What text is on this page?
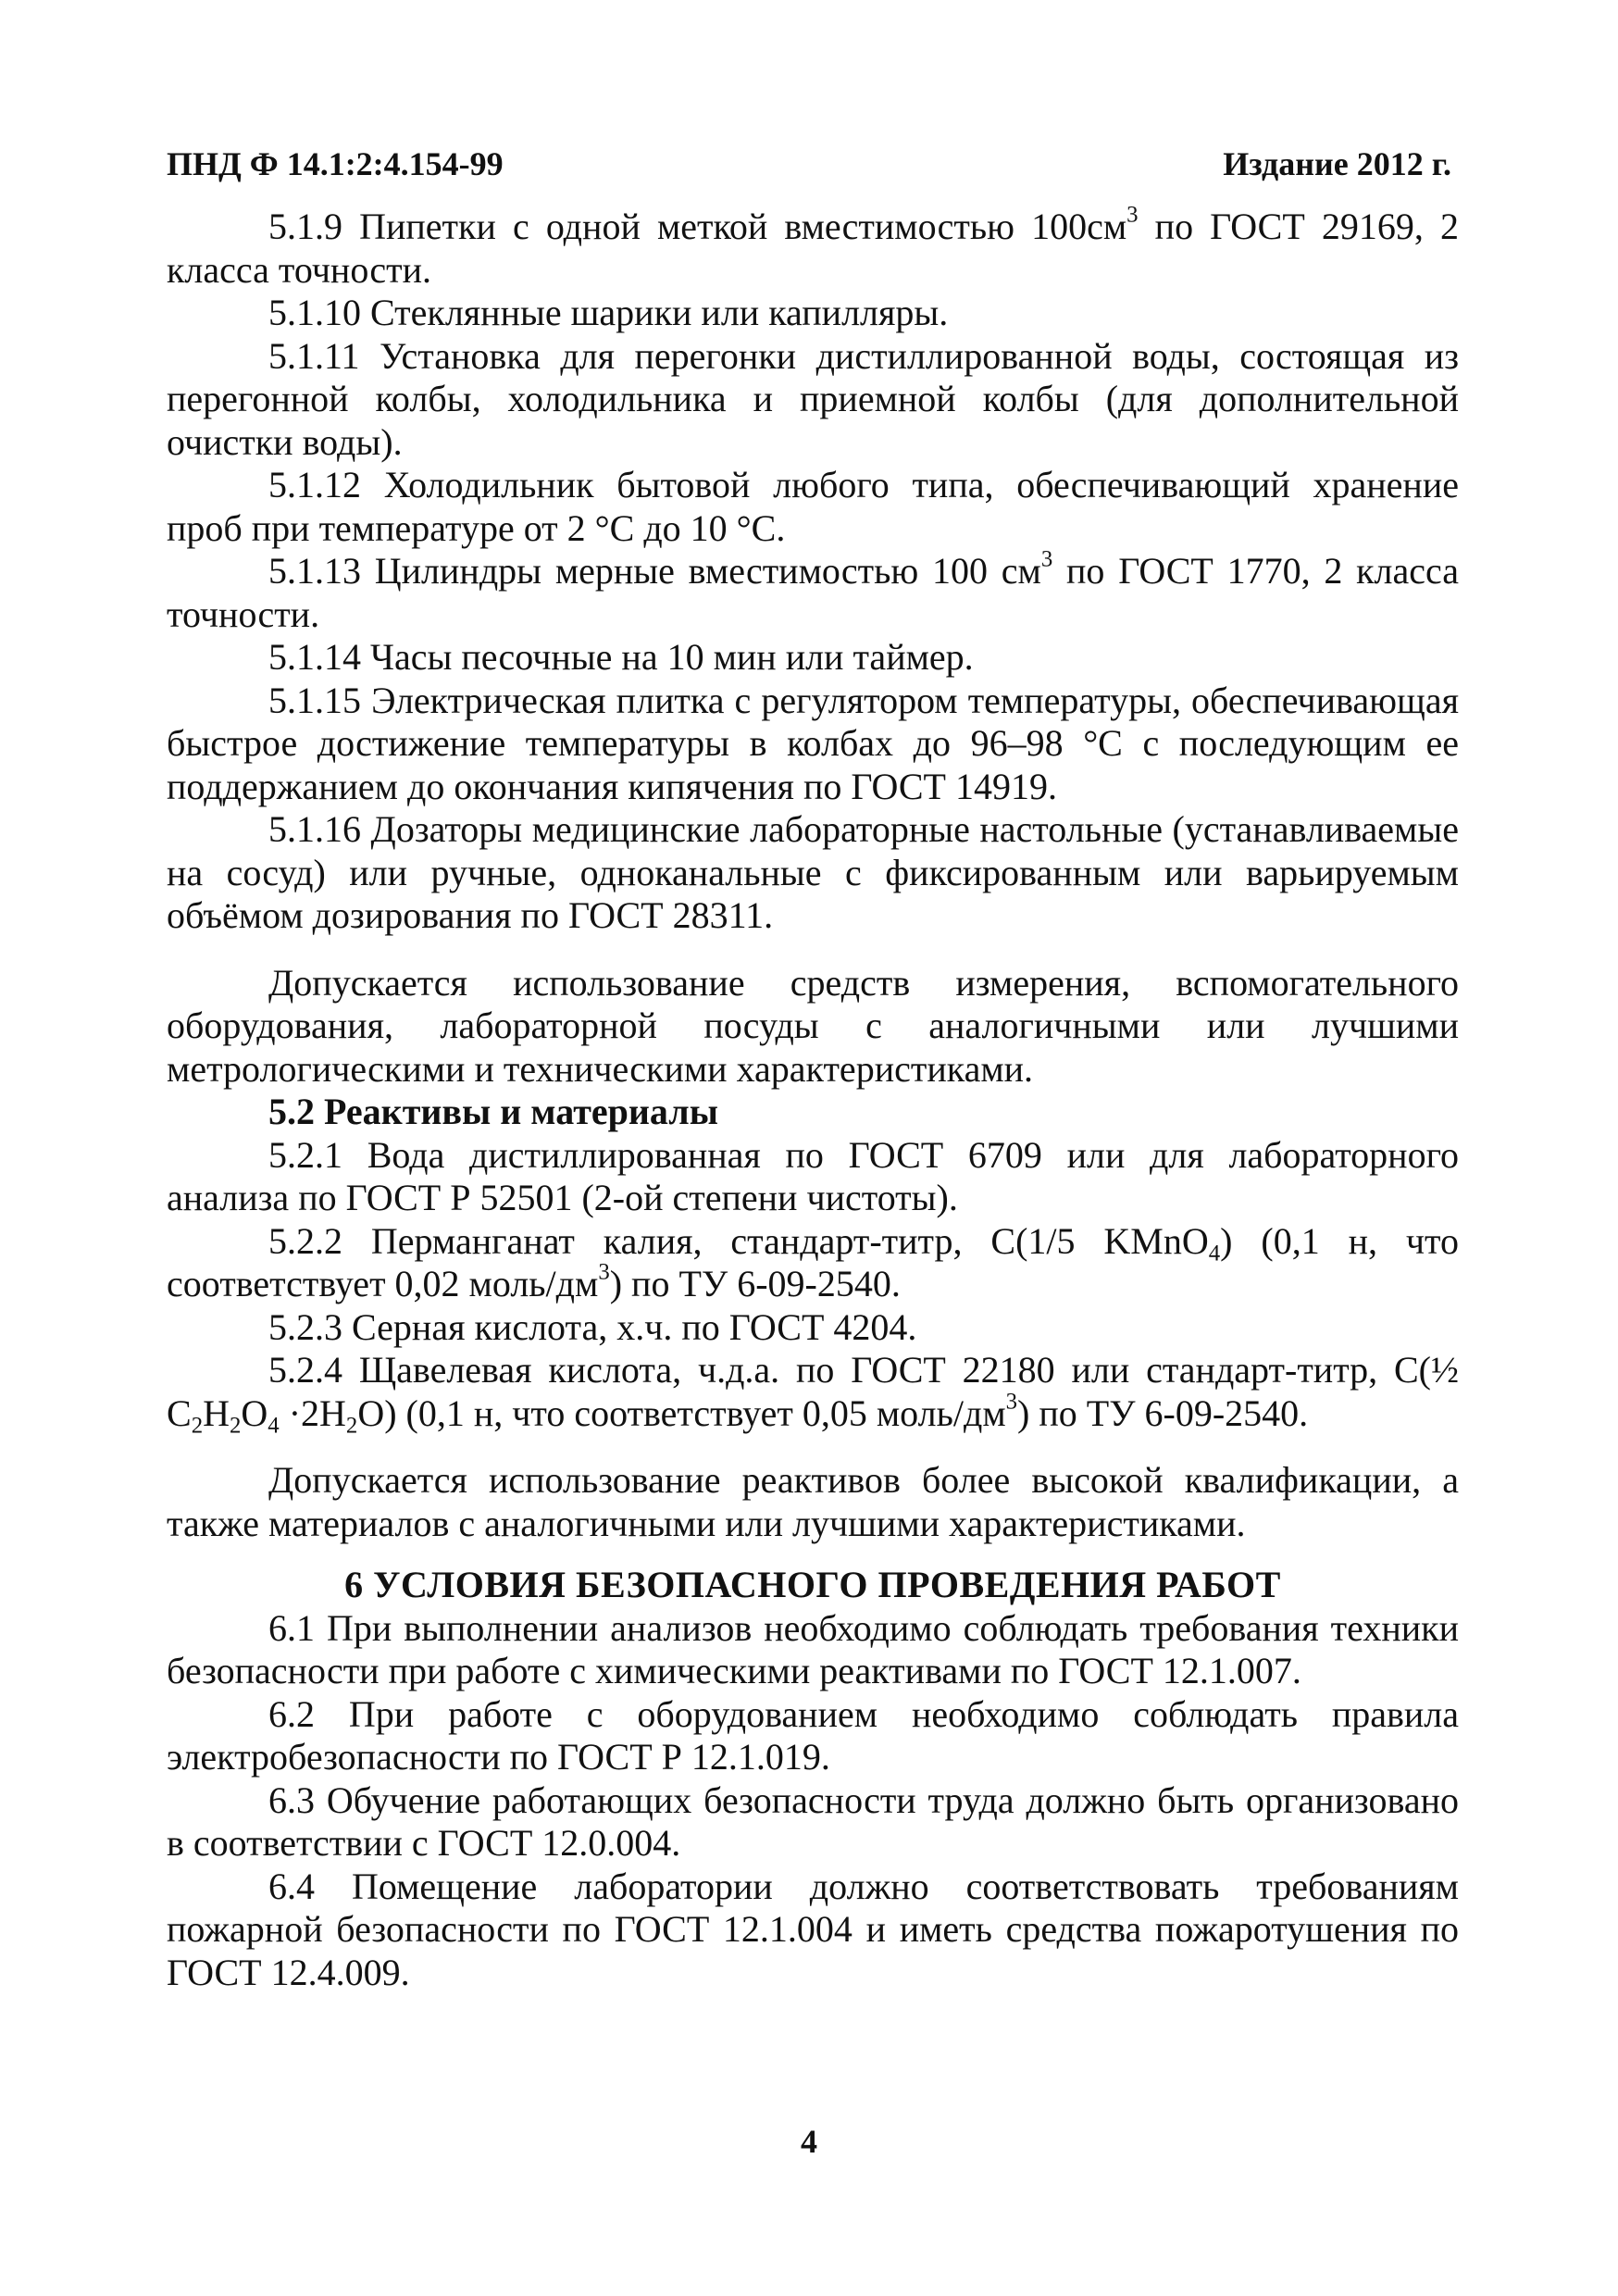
ПНД Ф 14.1:2:4.154-99	Издание 2012 г.

5.1.9 Пипетки с одной меткой вместимостью $100см^3$ по ГОСТ 29169, 2 класса точности.

5.1.10 Стеклянные шарики или капилляры.

5.1.11 Установка для перегонки дистиллированной воды, состоящая из перегонной колбы, холодильника и приемной колбы (для дополнительной очистки воды).

5.1.12 Холодильник бытовой любого типа, обеспечивающий хранение проб при температуре от 2 °С до 10 °С.

5.1.13 Цилиндры мерные вместимостью 100 $см^3$ по ГОСТ 1770, 2 класса точности.

5.1.14 Часы песочные на 10 мин или таймер.

5.1.15 Электрическая плитка с регулятором температуры, обеспечивающая быстрое достижение температуры в колбах до 96–98 °С с последующим ее поддержанием до окончания кипячения по ГОСТ 14919.

5.1.16 Дозаторы медицинские лабораторные настольные (устанавливаемые на сосуд) или ручные, одноканальные с фиксированным или варьируемым объёмом дозирования по ГОСТ 28311.

Допускается использование средств измерения, вспомогательного оборудования, лабораторной посуды с аналогичными или лучшими метрологическими и техническими характеристиками.

5.2 Реактивы и материалы

5.2.1 Вода дистиллированная по ГОСТ 6709 или для лабораторного анализа по ГОСТ Р 52501 (2-ой степени чистоты).

5.2.2 Перманганат калия, стандарт-титр, С(1/5 KMnO$_4$) (0,1 н, что соответствует 0,02 моль/$дм^3$) по ТУ 6-09-2540.

5.2.3 Серная кислота, х.ч. по ГОСТ 4204.

5.2.4 Щавелевая кислота, ч.д.а. по ГОСТ 22180 или стандарт-титр, С(½ $C_2H_2O_4 \cdot 2H_2O$) (0,1 н, что соответствует 0,05 моль/$дм^3$) по ТУ 6-09-2540.

Допускается использование реактивов более высокой квалификации, а также материалов с аналогичными или лучшими характеристиками.

6 УСЛОВИЯ БЕЗОПАСНОГО ПРОВЕДЕНИЯ РАБОТ

6.1 При выполнении анализов необходимо соблюдать требования техники безопасности при работе с химическими реактивами по ГОСТ 12.1.007.

6.2 При работе с оборудованием необходимо соблюдать правила электробезопасности по ГОСТ Р 12.1.019.

6.3 Обучение работающих безопасности труда должно быть организовано в соответствии с ГОСТ 12.0.004.

6.4 Помещение лаборатории должно соответствовать требованиям пожарной безопасности по ГОСТ 12.1.004 и иметь средства пожаротушения по ГОСТ 12.4.009.

4
